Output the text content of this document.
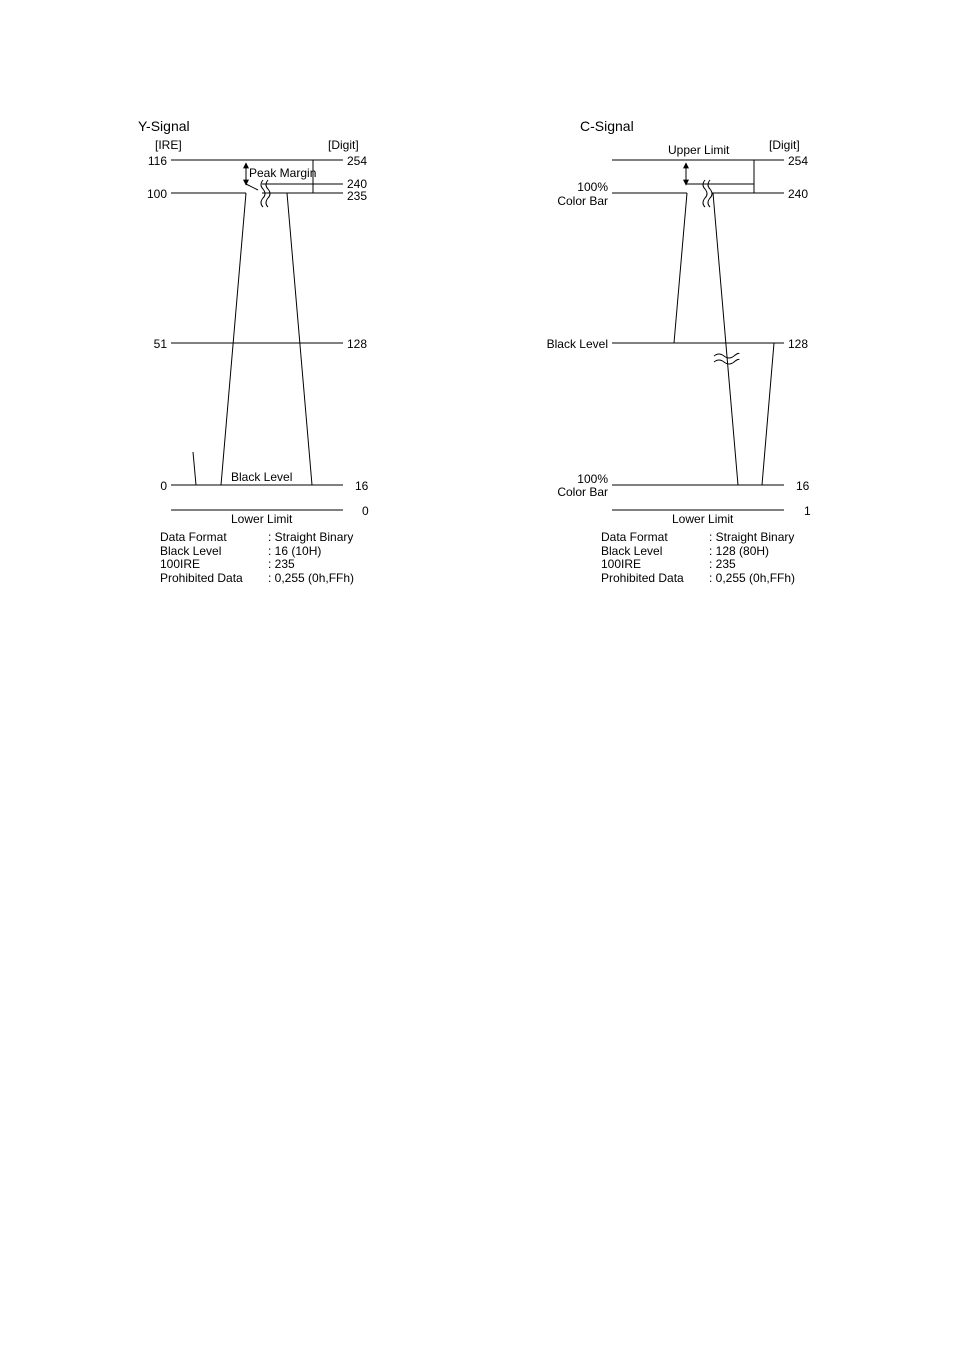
Y-Signal
[IRE]	[Digit]
116
100
51
0
254
240
235
128
16
0
Peak Margin
Black Level
Lower Limit
Data Format	: Straight Binary
Black Level	: 16 (10H)
100IRE	: 235
Prohibited Data : 0,255 (0h,FFh)
C-Signal
Upper Limit	[Digit]
100%
Color Bar
Black Level
100%
Color Bar
254
240
128
16
1
Lower Limit
Data Format	: Straight Binary
Black Level	: 128 (80H)
100IRE	: 235
Prohibited Data : 0,255 (0h,FFh)
